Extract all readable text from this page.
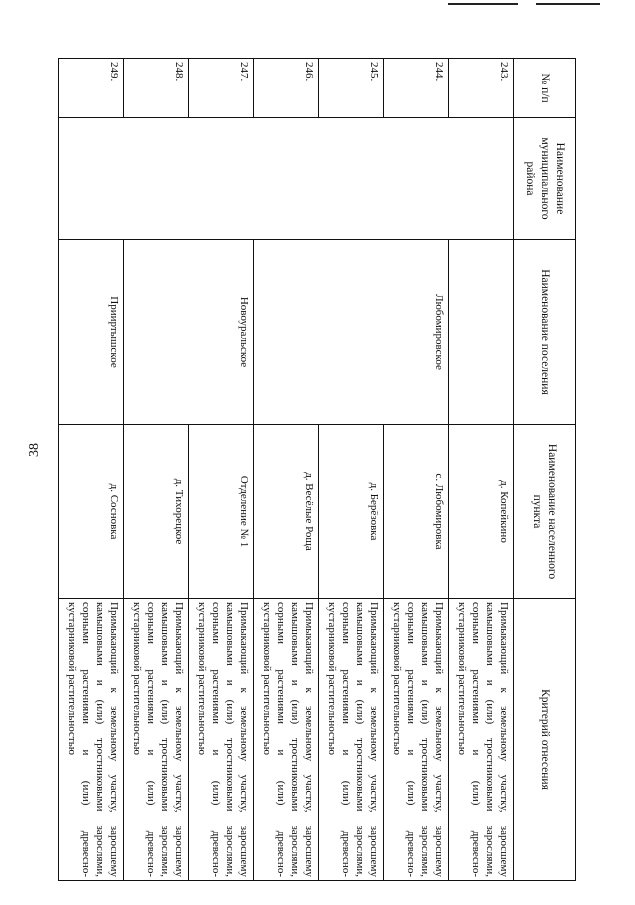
38
№ п/п	Наименование муниципального района	Наименование поселения	Наименование населенного пункта	Критерий отнесения
243.			д. Копейкино	Примыкающий к земельному участку, заросшему
камышовыми и (или) тростниковыми зарослями,
сорными растениями и (или) древесно-
кустарниковой растительностью

244.		Любомировское	с. Любомировка	Примыкающий к земельному участку, заросшему
камышовыми и (или) тростниковыми зарослями,
сорными растениями и (или) древесно-
кустарниковой растительностью

245.			д. Берёзовка	Примыкающий к земельному участку, заросшему
камышовыми и (или) тростниковыми зарослями,
сорными растениями и (или) древесно-
кустарниковой растительностью

246.			д. Весёлые Роща	Примыкающий к земельному участку, заросшему
камышовыми и (или) тростниковыми зарослями,
сорными растениями и (или) древесно-
кустарниковой растительностью

247.		Новоуральское	Отделение № 1	Примыкающий к земельному участку, заросшему
камышовыми и (или) тростниковыми зарослями,
сорными растениями и (или) древесно-
кустарниковой растительностью

248.			д. Тихорецкое	Примыкающий к земельному участку, заросшему
камышовыми и (или) тростниковыми зарослями,
сорными растениями и (или) древесно-
кустарниковой растительностью

249.		Прииртышское	д. Сосновка	Примыкающий к земельному участку, заросшему
камышовыми и (или) тростниковыми зарослями,
сорными растениями и (или) древесно-
кустарниковой растительностью
